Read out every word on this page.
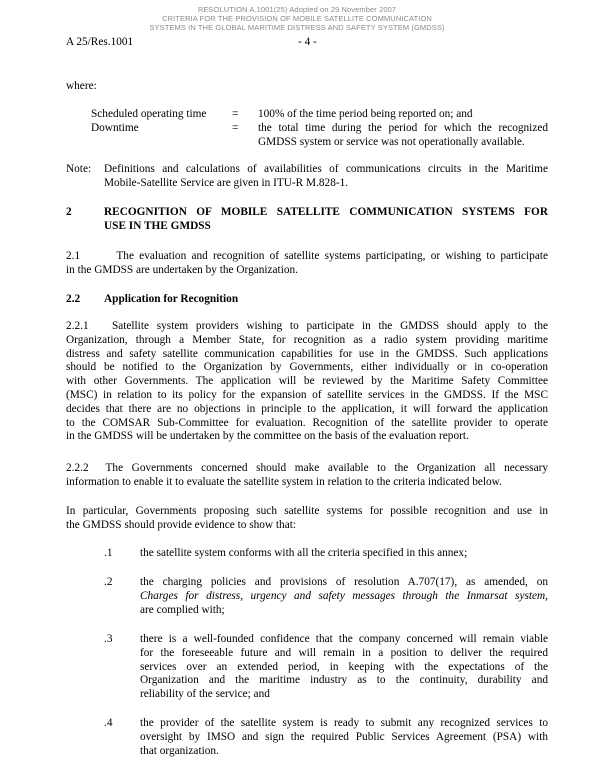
RESOLUTION A.1001(25) Adopted on 29 November 2007
CRITERIA FOR THE PROVISION OF MOBILE SATELLITE COMMUNICATION
SYSTEMS IN THE GLOBAL MARITIME DISTRESS AND SAFETY SYSTEM (GMDSS)
A 25/Res.1001	- 4 -
where:
Scheduled operating time = 100% of the time period being reported on; and
Downtime	= the total time during the period for which the recognized
GMDSS system or service was not operationally available.
Note: Definitions and calculations of availabilities of communications circuits in the Maritime
Mobile-Satellite Service are given in ITU-R M.828-1.
2	RECOGNITION OF MOBILE SATELLITE COMMUNICATION SYSTEMS FOR
USE IN THE GMDSS
2.1	The evaluation and recognition of satellite systems participating, or wishing to participate
in the GMDSS are undertaken by the Organization.
2.2 Application for Recognition
2.2.1 Satellite system providers wishing to participate in the GMDSS should apply to the
Organization, through a Member State, for recognition as a radio system providing maritime
distress and safety satellite communication capabilities for use in the GMDSS. Such applications
should be notified to the Organization by Governments, either individually or in co-operation
with other Governments. The application will be reviewed by the Maritime Safety Committee
(MSC) in relation to its policy for the expansion of satellite services in the GMDSS. If the MSC
decides that there are no objections in principle to the application, it will forward the application
to the COMSAR Sub-Committee for evaluation. Recognition of the satellite provider to operate
in the GMDSS will be undertaken by the committee on the basis of the evaluation report.
2.2.2 The Governments concerned should make available to the Organization all necessary
information to enable it to evaluate the satellite system in relation to the criteria indicated below.
In particular, Governments proposing such satellite systems for possible recognition and use in
the GMDSS should provide evidence to show that:
.1 the satellite system conforms with all the criteria specified in this annex;
.2 the charging policies and provisions of resolution A.707(17), as amended, on
Charges for distress, urgency and safety messages through the Inmarsat system,
are complied with;
.3 there is a well-founded confidence that the company concerned will remain viable
for the foreseeable future and will remain in a position to deliver the required
services over an extended period, in keeping with the expectations of the
Organization and the maritime industry as to the continuity, durability and
reliability of the service; and
.4 the provider of the satellite system is ready to submit any recognized services to
oversight by IMSO and sign the required Public Services Agreement (PSA) with
that organization.
